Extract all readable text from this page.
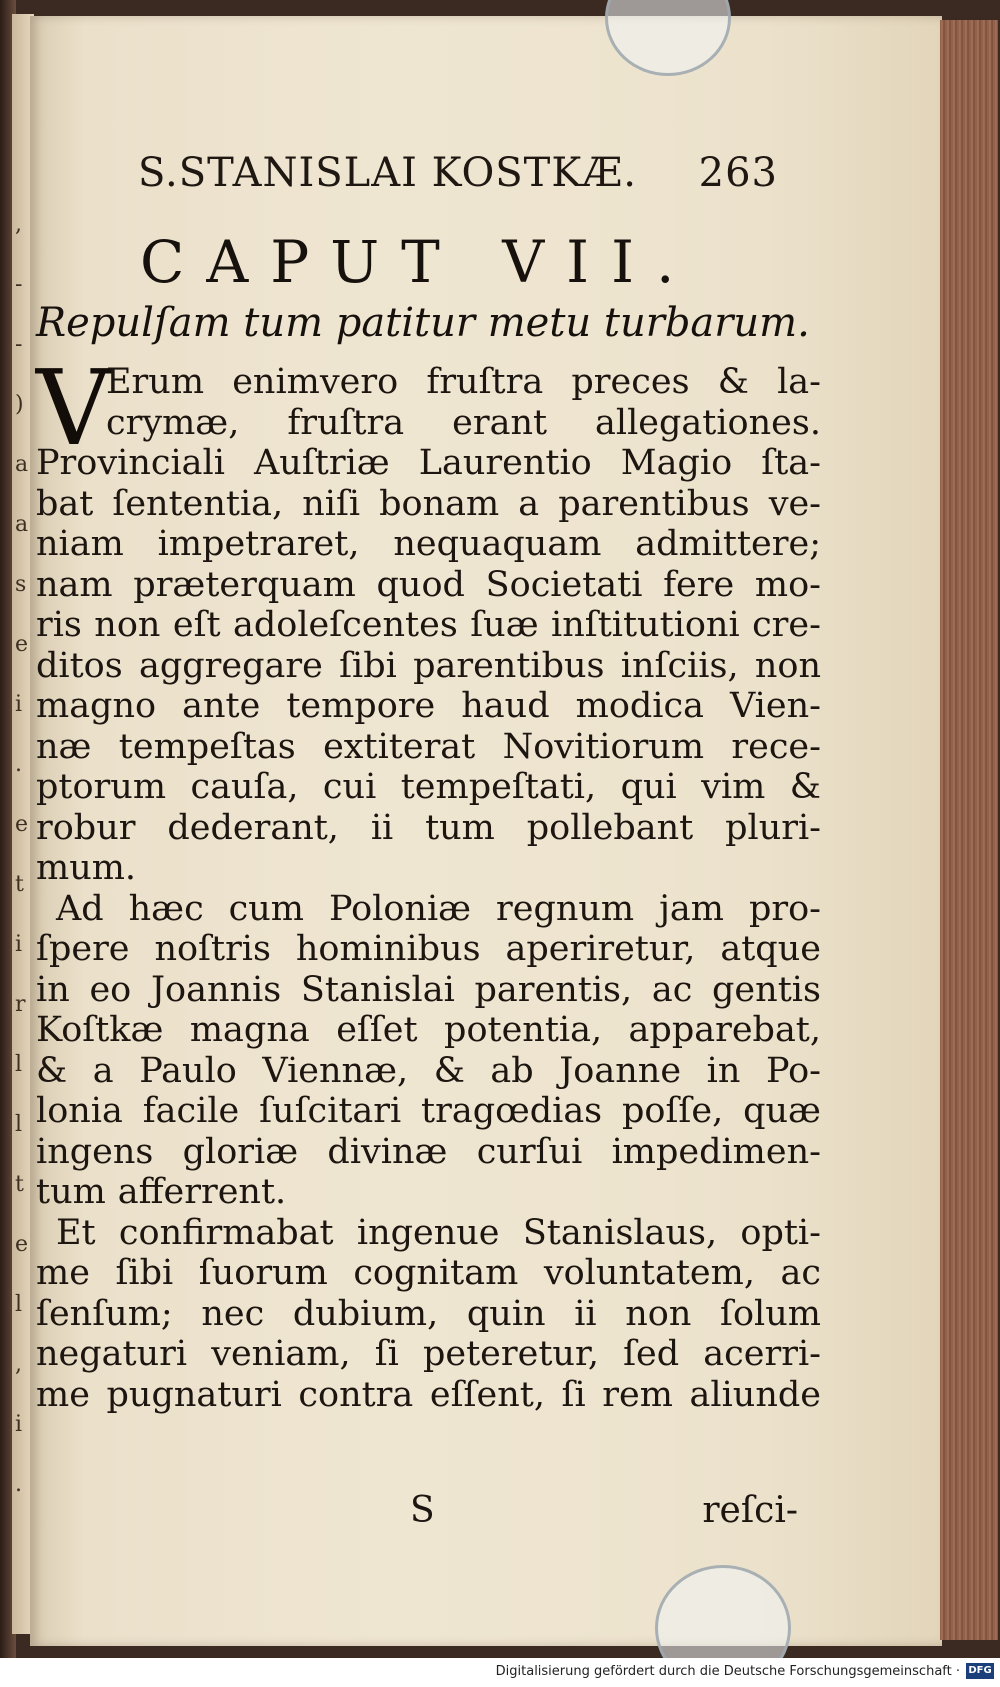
,
-
-
)
a
a
s
e
i
.
e
t
i
r
l
l
t
e
l
,
i
.
S.STANISLAI KOSTKÆ. 263
CAPUT VII.
Repulſam tum patitur metu turbarum.
V
Erum enimvero fruſtra preces & la-
crymæ, fruſtra erant allegationes.
Provinciali Auſtriæ Laurentio Magio ſta-
bat ſententia, niſi bonam a parentibus ve-
niam impetraret, nequaquam admittere;
nam præterquam quod Societati fere mo-
ris non eſt adoleſcentes ſuæ inſtitutioni cre-
ditos aggregare ſibi parentibus inſciis, non
magno ante tempore haud modica Vien-
næ tempeſtas extiterat Novitiorum rece-
ptorum cauſa, cui tempeſtati, qui vim &
robur dederant, ii tum pollebant pluri-
mum.
Ad hæc cum Poloniæ regnum jam pro-
ſpere noſtris hominibus aperiretur, atque
in eo Joannis Stanislai parentis, ac gentis
Koſtkæ magna eſſet potentia, apparebat,
& a Paulo Viennæ, & ab Joanne in Po-
lonia facile ſuſcitari tragœdias poſſe, quæ
ingens gloriæ divinæ curſui impedimen-
tum afferrent.
Et confirmabat ingenue Stanislaus, opti-
me ſibi ſuorum cognitam voluntatem, ac
ſenſum; nec dubium, quin ii non ſolum
negaturi veniam, ſi peteretur, ſed acerri-
me pugnaturi contra eſſent, ſi rem aliunde
S	reſci-
Digitalisierung gefördert durch die Deutsche Forschungsgemeinschaft · DFG
